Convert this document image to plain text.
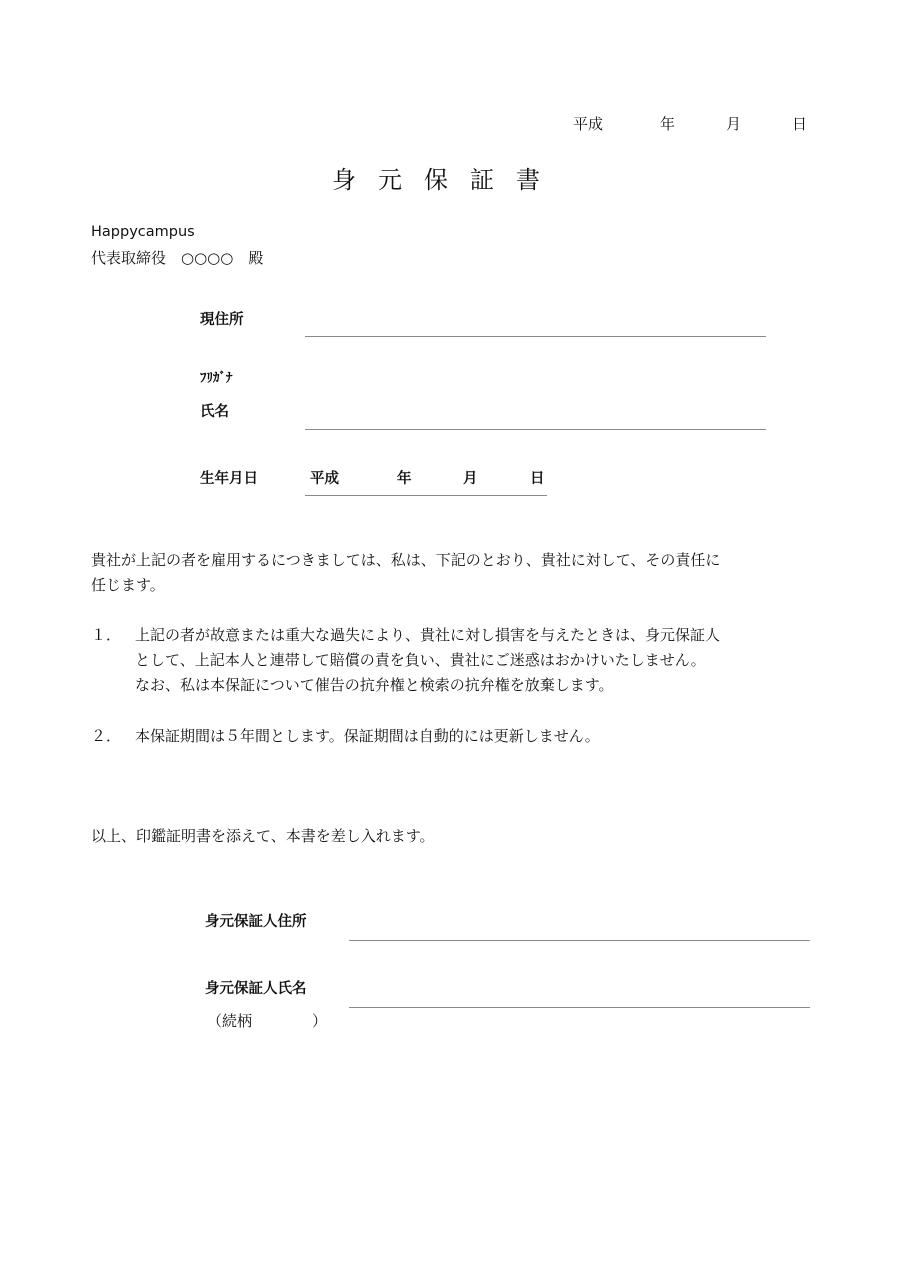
平成	年	月	日
身元保証書
Happycampus
代表取締役　○○○○　殿
現住所
ﾌﾘｶﾞﾅ
氏名
生年月日	平成	年	月	日
貴社が上記の者を雇用するにつきましては、私は、下記のとおり、貴社に対して、その責任に
任じます。
１． 上記の者が故意または重大な過失により、貴社に対し損害を与えたときは、身元保証人
として、上記本人と連帯して賠償の責を負い、貴社にご迷惑はおかけいたしません。
なお、私は本保証について催告の抗弁権と検索の抗弁権を放棄します。
２． 本保証期間は５年間とします。保証期間は自動的には更新しません。
以上、印鑑証明書を添えて、本書を差し入れます。
身元保証人住所
身元保証人氏名
（続柄　　　　）
